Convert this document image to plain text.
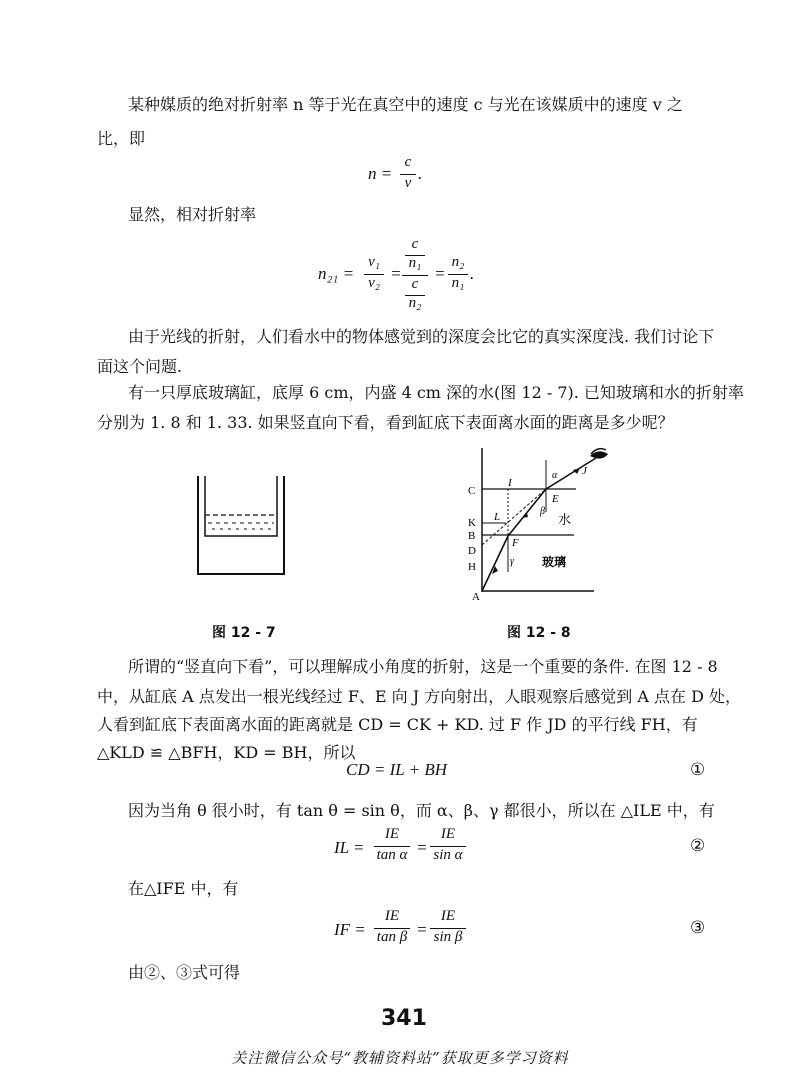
某种媒质的绝对折射率 n 等于光在真空中的速度 c 与光在该媒质中的速度 v 之
比，即
n =
c
v .
显然，相对折射率
n₂₁ =
v₁
v₂ =
c
n₁
c
n₂
=
n₂
n₁ .
由于光线的折射，人们看水中的物体感觉到的深度会比它的真实深度浅. 我们讨论下
面这个问题.
有一只厚底玻璃缸，底厚 6 cm，内盛 4 cm 深的水(图 12 - 7). 已知玻璃和水的折射率
分别为 1. 8 和 1. 33. 如果竖直向下看，看到缸底下表面离水面的距离是多少呢？
图 12 - 7
C
K
B
D
H
A
I
L
F
E
J
α
β
γ
水
玻璃
图 12 - 8
所谓的“竖直向下看”，可以理解成小角度的折射，这是一个重要的条件. 在图 12 - 8
中，从缸底 A 点发出一根光线经过 F、E 向 J 方向射出，人眼观察后感觉到 A 点在 D 处，
人看到缸底下表面离水面的距离就是 CD = CK + KD. 过 F 作 JD 的平行线 FH，有
△KLD ≌ △BFH，KD = BH，所以
CD = IL + BH	①
因为当角 θ 很小时，有 tan θ = sin θ，而 α、β、γ 都很小，所以在 △ILE 中，有
IL =
IE
tan α =
IE
sin α	②
在△IFE 中，有
IF =
IE
tan β =
IE
sin β	③
由②、③式可得
341
关注微信公众号“教辅资料站”获取更多学习资料
